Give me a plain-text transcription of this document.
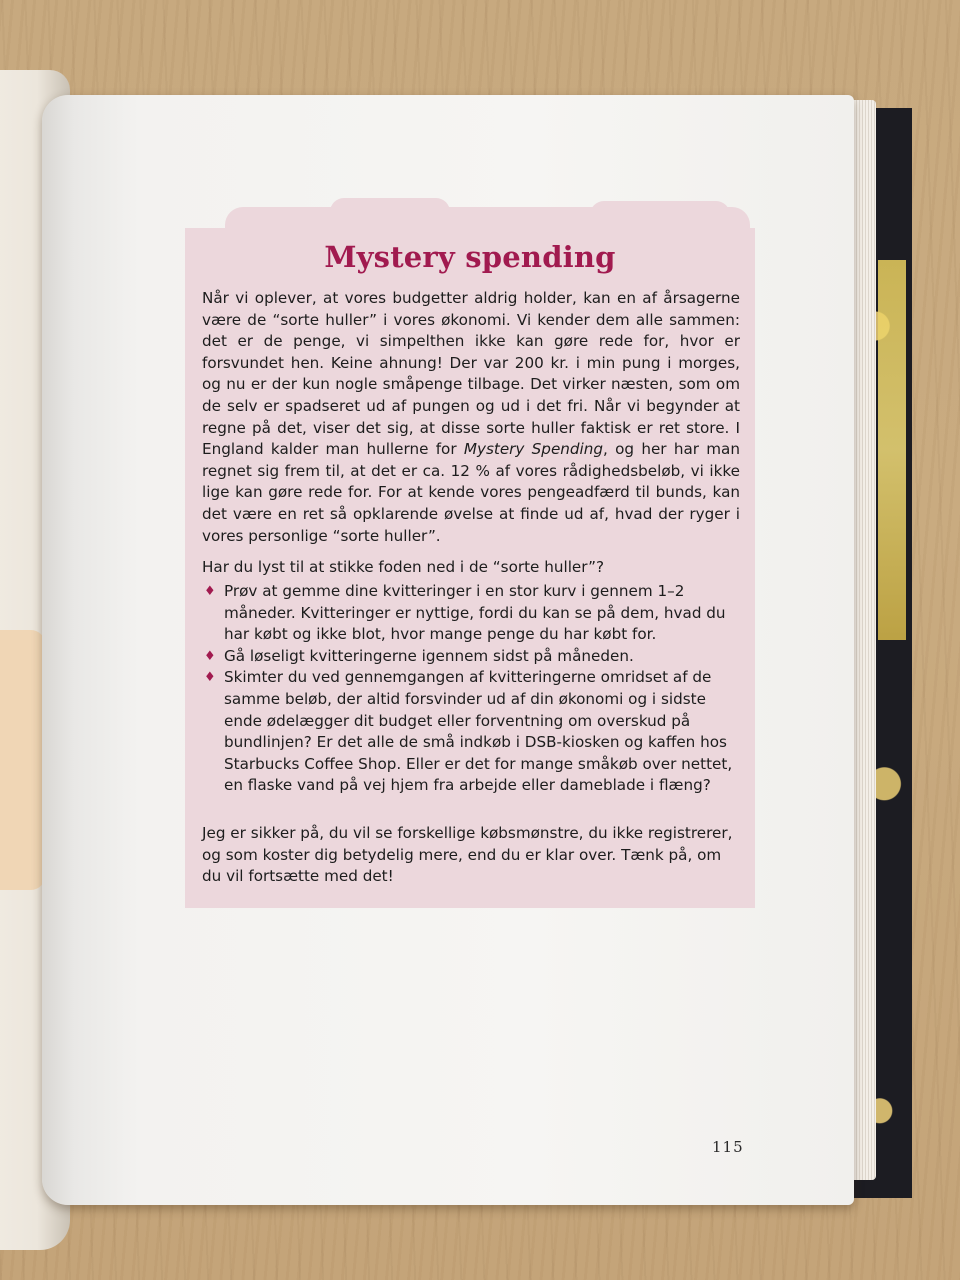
Mystery spending

Når vi oplever, at vores budgetter aldrig holder, kan en af årsagerne være de “sorte huller” i vores økonomi. Vi kender dem alle sammen: det er de penge, vi simpelthen ikke kan gøre rede for, hvor er forsvundet hen. Keine ahnung! Der var 200 kr. i min pung i morges, og nu er der kun nogle småpenge tilbage. Det virker næsten, som om de selv er spadseret ud af pungen og ud i det fri. Når vi begynder at regne på det, viser det sig, at disse sorte huller faktisk er ret store. I England kalder man hullerne for Mystery Spending, og her har man regnet sig frem til, at det er ca. 12 % af vores rådighedsbeløb, vi ikke lige kan gøre rede for. For at kende vores pengeadfærd til bunds, kan det være en ret så opklarende øvelse at finde ud af, hvad der ryger i vores personlige “sorte huller”.

Har du lyst til at stikke foden ned i de “sorte huller”?

♦ Prøv at gemme dine kvitteringer i en stor kurv i gennem 1–2 måneder. Kvitteringer er nyttige, fordi du kan se på dem, hvad du har købt og ikke blot, hvor mange penge du har købt for.
♦ Gå løseligt kvitteringerne igennem sidst på måneden.
♦ Skimter du ved gennemgangen af kvitteringerne omridset af de samme beløb, der altid forsvinder ud af din økonomi og i sidste ende ødelægger dit budget eller forventning om overskud på bundlinjen? Er det alle de små indkøb i DSB-kiosken og kaffen hos Starbucks Coffee Shop. Eller er det for mange småkøb over nettet, en flaske vand på vej hjem fra arbejde eller dameblade i flæng?

Jeg er sikker på, du vil se forskellige købsmønstre, du ikke registrerer, og som koster dig betydelig mere, end du er klar over. Tænk på, om du vil fortsætte med det!

115
